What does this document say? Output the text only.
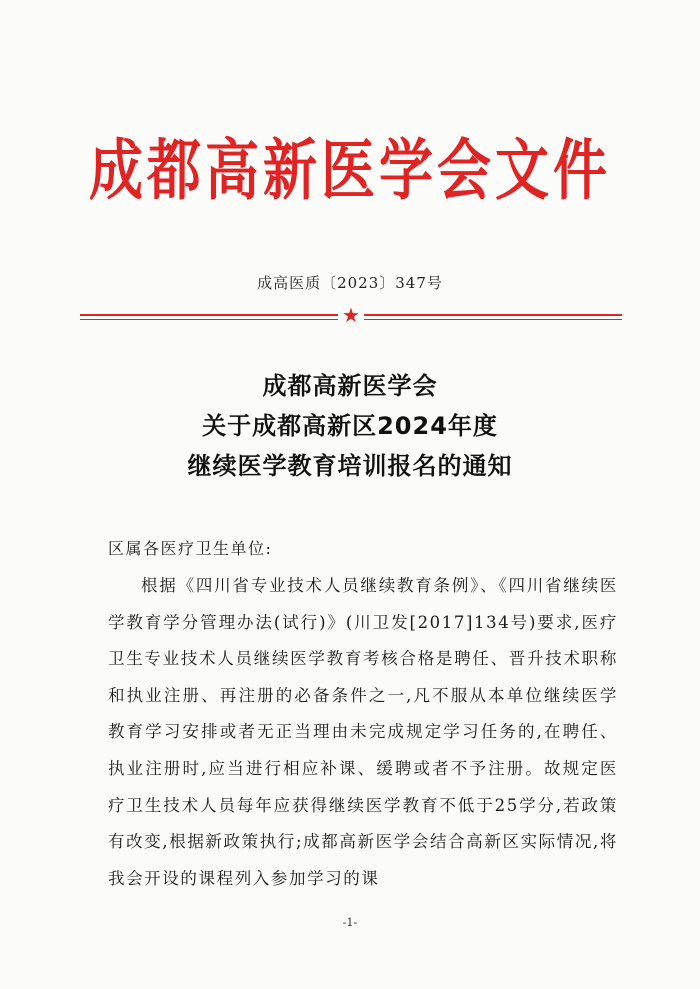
成都高新医学会文件
成高医质〔2023〕347号
★
成都高新医学会
关于成都高新区2024年度
继续医学教育培训报名的通知
区属各医疗卫生单位:

根据《四川省专业技术人员继续教育条例》、《四川省继续医学教育学分管理办法(试行)》(川卫发[2017]134号)要求,医疗卫生专业技术人员继续医学教育考核合格是聘任、晋升技术职称和执业注册、再注册的必备条件之一,凡不服从本单位继续医学教育学习安排或者无正当理由未完成规定学习任务的,在聘任、执业注册时,应当进行相应补课、缓聘或者不予注册。故规定医疗卫生技术人员每年应获得继续医学教育不低于25学分,若政策有改变,根据新政策执行;成都高新医学会结合高新区实际情况,将我会开设的课程列入参加学习的课

-1-
